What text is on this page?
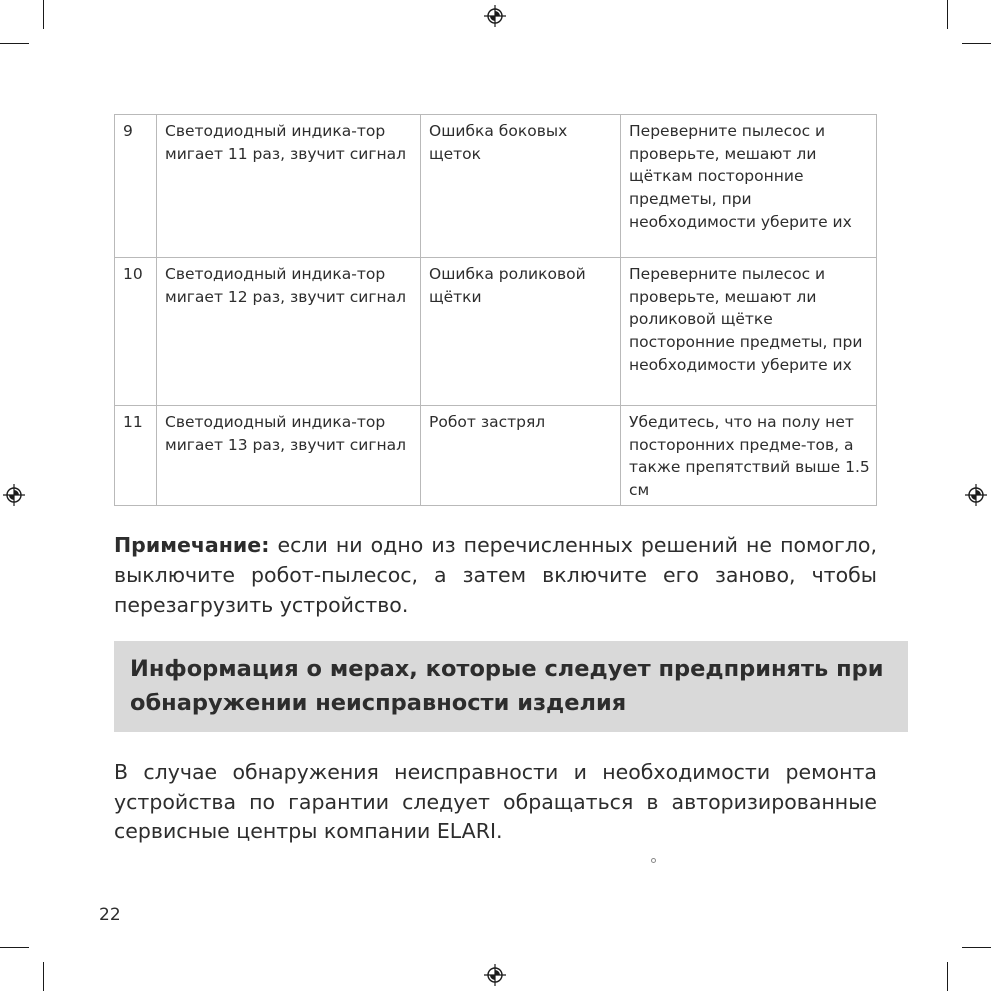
9	Светодиодный индика-тор мигает 11 раз, звучит сигнал	Ошибка боковых щеток	Переверните пылесос и проверьте, мешают ли щёткам посторонние предметы, при необходимости уберите их
10	Светодиодный индика-тор мигает 12 раз, звучит сигнал	Ошибка роликовой щётки	Переверните пылесос и проверьте, мешают ли роликовой щётке посторонние предметы, при необходимости уберите их
11	Светодиодный индика-тор мигает 13 раз, звучит сигнал	Робот застрял	Убедитесь, что на полу нет посторонних предме-тов, а также препятствий выше 1.5 см

Примечание: если ни одно из перечисленных решений не помогло, выключите робот-пылесос, а затем включите его заново, чтобы перезагрузить устройство.

Информация о мерах, которые следует предпринять при обнаружении неисправности изделия

В случае обнаружения неисправности и необходимости ремонта устройства по гарантии следует обращаться в авторизированные сервисные центры компании ELARI.

22
